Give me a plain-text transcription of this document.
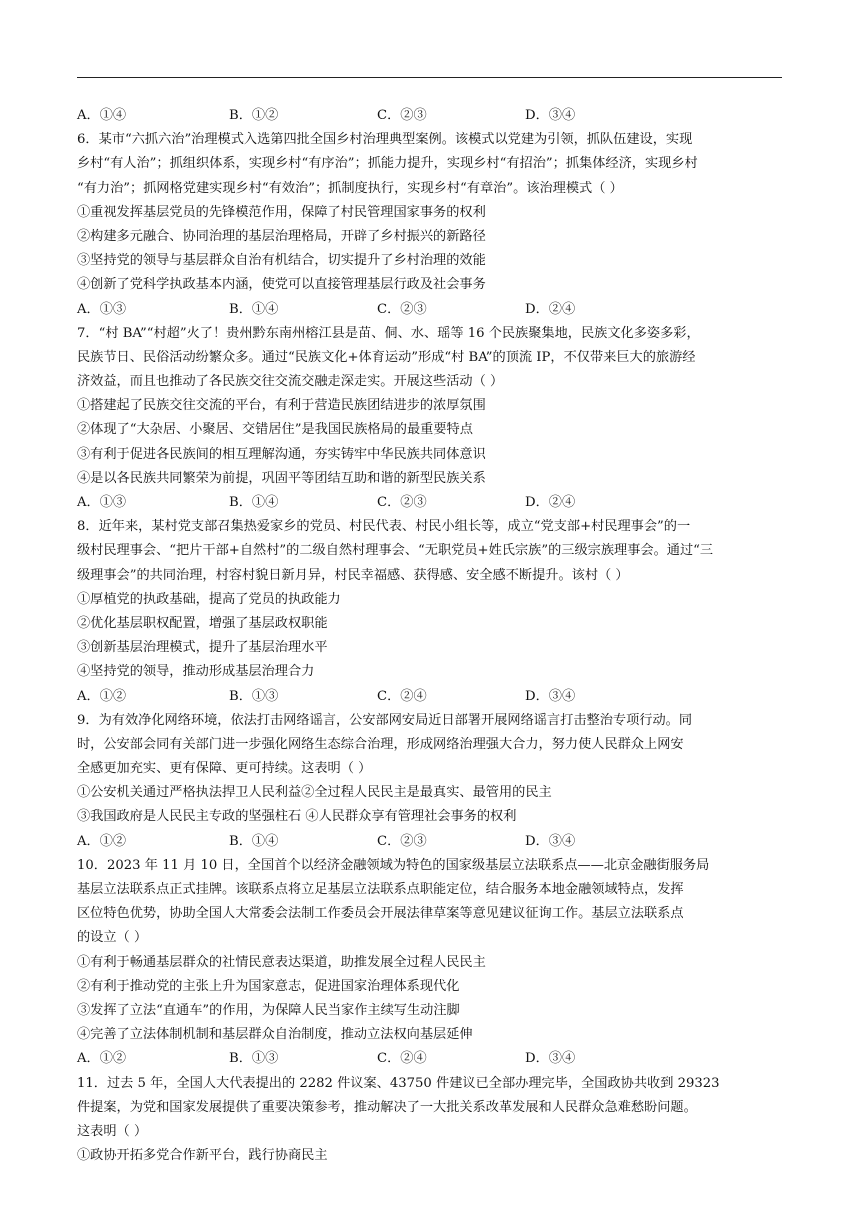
A．①④	B．①②	C．②③	D．③④
6．某市“六抓六治”治理模式入选第四批全国乡村治理典型案例。该模式以党建为引领，抓队伍建设，实现
乡村“有人治”；抓组织体系，实现乡村“有序治”；抓能力提升，实现乡村“有招治”；抓集体经济，实现乡村
“有力治”；抓网格党建实现乡村“有效治”；抓制度执行，实现乡村“有章治”。该治理模式（ ）
①重视发挥基层党员的先锋模范作用，保障了村民管理国家事务的权利
②构建多元融合、协同治理的基层治理格局，开辟了乡村振兴的新路径
③坚持党的领导与基层群众自治有机结合，切实提升了乡村治理的效能
④创新了党科学执政基本内涵，使党可以直接管理基层行政及社会事务
A．①③	B．①④	C．②③	D．②④
7．“村 BA”“村超”火了！贵州黔东南州榕江县是苗、侗、水、瑶等 16 个民族聚集地，民族文化多姿多彩，
民族节日、民俗活动纷繁众多。通过“民族文化+体育运动”形成“村 BA”的顶流 IP，不仅带来巨大的旅游经
济效益，而且也推动了各民族交往交流交融走深走实。开展这些活动（ ）
①搭建起了民族交往交流的平台，有利于营造民族团结进步的浓厚氛围
②体现了“大杂居、小聚居、交错居住”是我国民族格局的最重要特点
③有利于促进各民族间的相互理解沟通，夯实铸牢中华民族共同体意识
④是以各民族共同繁荣为前提，巩固平等团结互助和谐的新型民族关系
A．①③	B．①④	C．②③	D．②④
8．近年来，某村党支部召集热爱家乡的党员、村民代表、村民小组长等，成立“党支部+村民理事会”的一
级村民理事会、“把片干部+自然村”的二级自然村理事会、“无职党员+姓氏宗族”的三级宗族理事会。通过“三
级理事会”的共同治理，村容村貌日新月异，村民幸福感、获得感、安全感不断提升。该村（ ）
①厚植党的执政基础，提高了党员的执政能力
②优化基层职权配置，增强了基层政权职能
③创新基层治理模式，提升了基层治理水平
④坚持党的领导，推动形成基层治理合力
A．①②	B．①③	C．②④	D．③④
9．为有效净化网络环境，依法打击网络谣言，公安部网安局近日部署开展网络谣言打击整治专项行动。同
时，公安部会同有关部门进一步强化网络生态综合治理，形成网络治理强大合力，努力使人民群众上网安
全感更加充实、更有保障、更可持续。这表明（ ）
①公安机关通过严格执法捍卫人民利益②全过程人民民主是最真实、最管用的民主
③我国政府是人民民主专政的坚强柱石 ④人民群众享有管理社会事务的权利
A．①②	B．①④	C．②③	D．③④
10．2023 年 11 月 10 日，全国首个以经济金融领域为特色的国家级基层立法联系点——北京金融街服务局
基层立法联系点正式挂牌。该联系点将立足基层立法联系点职能定位，结合服务本地金融领域特点，发挥
区位特色优势，协助全国人大常委会法制工作委员会开展法律草案等意见建议征询工作。基层立法联系点
的设立（ ）
①有利于畅通基层群众的社情民意表达渠道，助推发展全过程人民民主
②有利于推动党的主张上升为国家意志，促进国家治理体系现代化
③发挥了立法“直通车”的作用，为保障人民当家作主续写生动注脚
④完善了立法体制机制和基层群众自治制度，推动立法权向基层延伸
A．①②	B．①③	C．②④	D．③④
11．过去 5 年，全国人大代表提出的 2282 件议案、43750 件建议已全部办理完毕，全国政协共收到 29323
件提案，为党和国家发展提供了重要决策参考，推动解决了一大批关系改革发展和人民群众急难愁盼问题。
这表明（ ）
①政协开拓多党合作新平台，践行协商民主
